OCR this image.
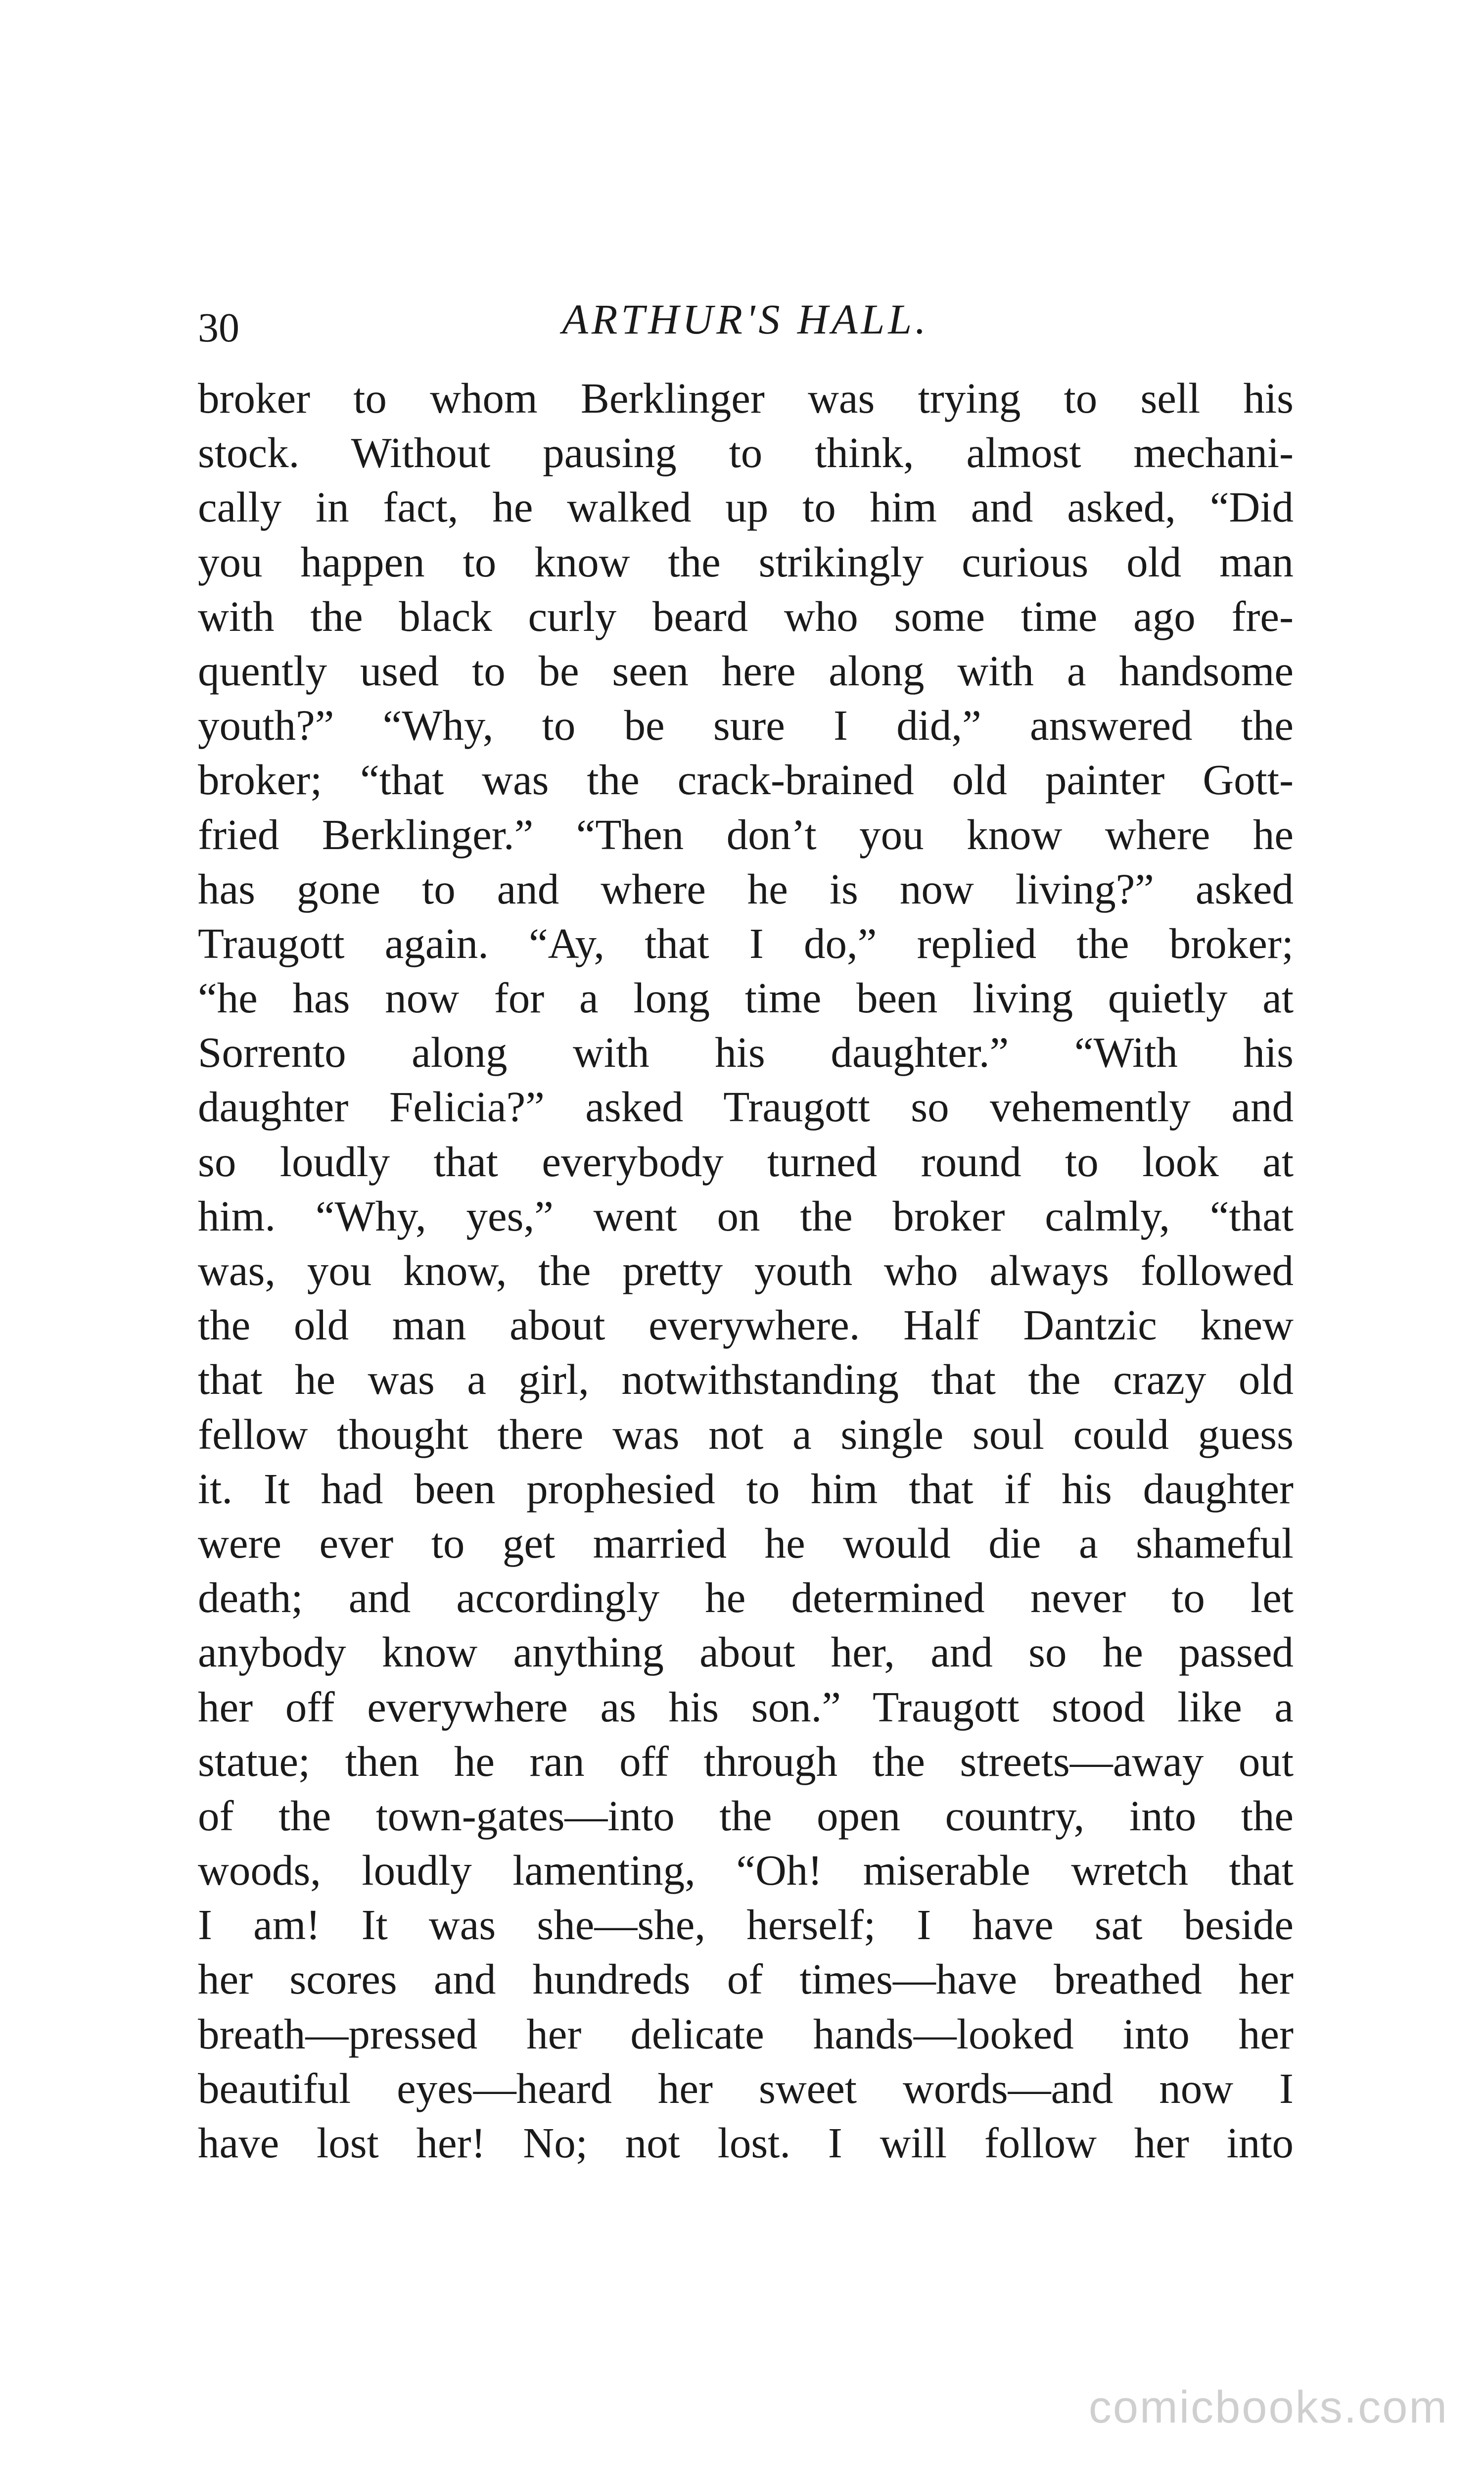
30	ARTHUR'S HALL.
broker to whom Berklinger was trying to sell his
stock. Without pausing to think, almost mechani-
cally in fact, he walked up to him and asked, “Did
you happen to know the strikingly curious old man
with the black curly beard who some time ago fre-
quently used to be seen here along with a handsome
youth?” “Why, to be sure I did,” answered the
broker; “that was the crack-brained old painter Gott-
fried Berklinger.” “Then don’t you know where he
has gone to and where he is now living?” asked
Traugott again. “Ay, that I do,” replied the broker;
“he has now for a long time been living quietly at
Sorrento along with his daughter.” “With his
daughter Felicia?” asked Traugott so vehemently and
so loudly that everybody turned round to look at
him. “Why, yes,” went on the broker calmly, “that
was, you know, the pretty youth who always followed
the old man about everywhere. Half Dantzic knew
that he was a girl, notwithstanding that the crazy old
fellow thought there was not a single soul could guess
it. It had been prophesied to him that if his daughter
were ever to get married he would die a shameful
death; and accordingly he determined never to let
anybody know anything about her, and so he passed
her off everywhere as his son.” Traugott stood like a
statue; then he ran off through the streets—away out
of the town-gates—into the open country, into the
woods, loudly lamenting, “Oh! miserable wretch that
I am! It was she—she, herself; I have sat beside
her scores and hundreds of times—have breathed her
breath—pressed her delicate hands—looked into her
beautiful eyes—heard her sweet words—and now I
have lost her! No; not lost. I will follow her into
comicbooks.com
